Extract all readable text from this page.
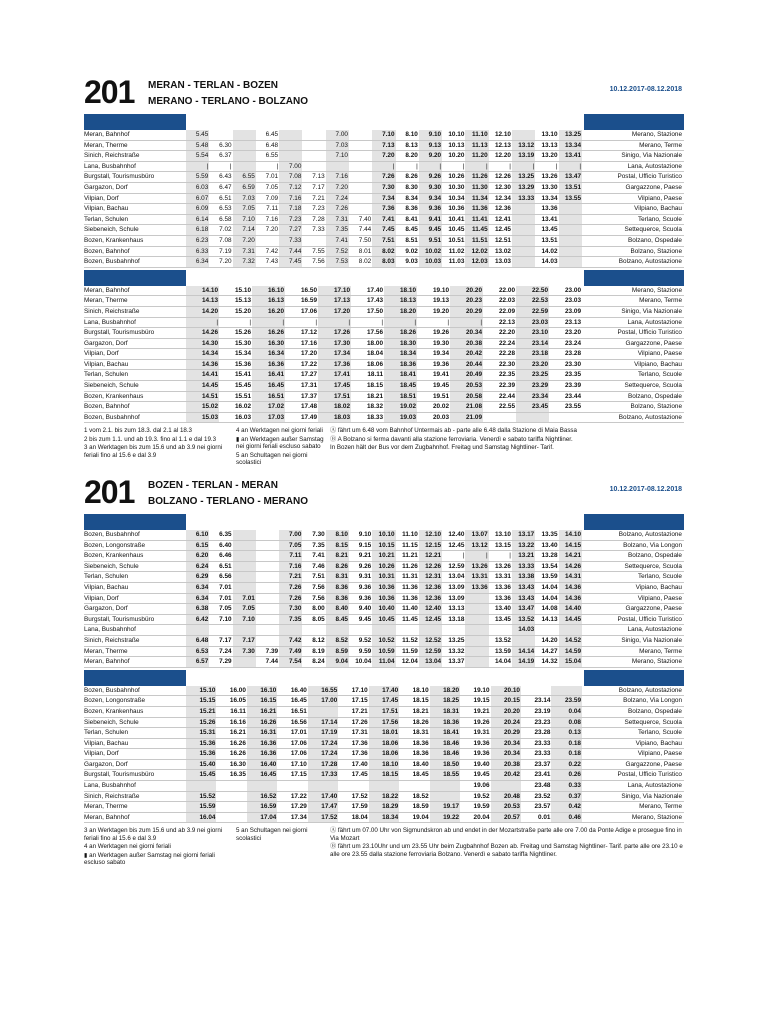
201 MERAN - TERLAN - BOZEN
MERANO - TERLANO - BOLZANO
10.12.2017-08.12.2018
Meran, Bahnhof	5.45			6.45			7.00		7.10	8.10	9.10	10.10	11.10	12.10		13.10	13.25	Merano, Stazione
Meran, Therme	5.48	6.30		6.48			7.03		7.13	8.13	9.13	10.13	11.13	12.13	13.12	13.13	13.34	Merano, Terme
Sinich, Reichstraße	5.54	6.37		6.55			7.10		7.20	8.20	9.20	10.20	11.20	12.20	13.19	13.20	13.41	Sinigo, Via Nazionale
Lana, Busbahnhof	|	|		|	7.00				|	|	|	|	|	|	|	|	|	Lana, Autostazione
Burgstall, Tourismusbüro	5.59	6.43	6.55	7.01	7.08	7.13	7.16		7.26	8.26	9.26	10.26	11.26	12.26	13.25	13.26	13.47	Postal, Ufficio Turistico
Gargazon, Dorf	6.03	6.47	6.59	7.05	7.12	7.17	7.20		7.30	8.30	9.30	10.30	11.30	12.30	13.29	13.30	13.51	Gargazzone, Paese
Vilpian, Dorf	6.07	6.51	7.03	7.09	7.16	7.21	7.24		7.34	8.34	9.34	10.34	11.34	12.34	13.33	13.34	13.55	Vilpiano, Paese
Vilpian, Bachau	6.09	6.53	7.05	7.11	7.18	7.23	7.26		7.36	8.36	9.36	10.36	11.36	12.36		13.36		Vilpiano, Bachau
Terlan, Schulen	6.14	6.58	7.10	7.16	7.23	7.28	7.31	7.40	7.41	8.41	9.41	10.41	11.41	12.41		13.41		Terlano, Scuole
Siebeneich, Schule	6.18	7.02	7.14	7.20	7.27	7.33	7.35	7.44	7.45	8.45	9.45	10.45	11.45	12.45		13.45		Settequerce, Scuola
Bozen, Krankenhaus	6.23	7.08	7.20		7.33		7.41	7.50	7.51	8.51	9.51	10.51	11.51	12.51		13.51		Bolzano, Ospedale
Bozen, Bahnhof	6.33	7.19	7.31	7.42	7.44	7.55	7.52	8.01	8.02	9.02	10.02	11.02	12.02	13.02		14.02		Bolzano, Stazione
Bozen, Busbahnhof	6.34	7.20	7.32	7.43	7.45	7.56	7.53	8.02	8.03	9.03	10.03	11.03	12.03	13.03		14.03		Bolzano, Autostazione
Meran, Bahnhof	14.10	15.10	16.10	16.50	17.10	17.40	18.10	19.10	20.20	22.00	22.50	23.00	Merano, Stazione
Meran, Therme	14.13	15.13	16.13	16.59	17.13	17.43	18.13	19.13	20.23	22.03	22.53	23.03	Merano, Terme
Sinich, Reichstraße	14.20	15.20	16.20	17.06	17.20	17.50	18.20	19.20	20.29	22.09	22.59	23.09	Sinigo, Via Nazionale
Lana, Busbahnhof	|	|	|	|	|	|	|	|	|	22.13	23.03	23.13	Lana, Autostazione
Burgstall, Tourismusbüro	14.26	15.26	16.26	17.12	17.26	17.56	18.26	19.26	20.34	22.20	23.10	23.20	Postal, Ufficio Turistico
Gargazon, Dorf	14.30	15.30	16.30	17.16	17.30	18.00	18.30	19.30	20.38	22.24	23.14	23.24	Gargazzone, Paese
Vilpian, Dorf	14.34	15.34	16.34	17.20	17.34	18.04	18.34	19.34	20.42	22.28	23.18	23.28	Vilpiano, Paese
Vilpian, Bachau	14.36	15.36	16.36	17.22	17.36	18.06	18.36	19.36	20.44	22.30	23.20	23.30	Vilpiano, Bachau
Terlan, Schulen	14.41	15.41	16.41	17.27	17.41	18.11	18.41	19.41	20.49	22.35	23.25	23.35	Terlano, Scuole
Siebeneich, Schule	14.45	15.45	16.45	17.31	17.45	18.15	18.45	19.45	20.53	22.39	23.29	23.39	Settequerce, Scuola
Bozen, Krankenhaus	14.51	15.51	16.51	17.37	17.51	18.21	18.51	19.51	20.58	22.44	23.34	23.44	Bolzano, Ospedale
Bozen, Bahnhof	15.02	16.02	17.02	17.48	18.02	18.32	19.02	20.02	21.08	22.55	23.45	23.55	Bolzano, Stazione
Bozen, Busbahnhof	15.03	16.03	17.03	17.49	18.03	18.33	19.03	20.03	21.09				Bolzano, Autostazione
1 vom 2.1. bis zum 18.3. dal 2.1 al 18.3
2 bis zum 1.1. und ab 19.3. fino al 1.1 e dal 19.3
3 an Werktagen bis zum 15.6 und ab 3.9 nei giorni feriali fino al 15.6 e dal 3.9
4 an Werktagen nei giorni feriali
▮ an Werktagen außer Samstag nei giorni feriali escluso sabato
5 an Schultagen nei giorni scolastici
Ⓐ fährt um 6.48 vom Bahnhof Untermais ab - parte alle 6.48 dalla Stazione di Maia Bassa
Ⓑ A Bolzano si ferma davanti alla stazione ferroviaria. Venerdì e sabato tariffa Nightliner.
In Bozen hält der Bus vor dem Zugbahnhof. Freitag und Samstag Nightliner- Tarif.
201 BOZEN - TERLAN - MERAN
BOLZANO - TERLANO - MERANO
10.12.2017-08.12.2018
Bozen, Busbahnhof	6.10	6.35			7.00	7.30	8.10	9.10	10.10	11.10	12.10	12.40	13.07	13.10	13.17	13.35	14.10	Bolzano, Autostazione
Bozen, Longonstraße	6.15	6.40			7.05	7.35	8.15	9.15	10.15	11.15	12.15	12.45	13.12	13.15	13.22	13.40	14.15	Bolzano, Via Longon
Bozen, Krankenhaus	6.20	6.46			7.11	7.41	8.21	9.21	10.21	11.21	12.21	|	|	|	13.21	13.28	14.21	Bolzano, Ospedale
Siebeneich, Schule	6.24	6.51			7.16	7.46	8.26	9.26	10.26	11.26	12.26	12.59	13.26	13.26	13.33	13.54	14.26	Settequerce, Scuola
Terlan, Schulen	6.29	6.56			7.21	7.51	8.31	9.31	10.31	11.31	12.31	13.04	13.31	13.31	13.38	13.59	14.31	Terlano, Scuole
Vilpian, Bachau	6.34	7.01			7.26	7.56	8.36	9.36	10.36	11.36	12.36	13.09	13.36	13.36	13.43	14.04	14.36	Vipiano, Bachau
Vilpian, Dorf	6.34	7.01	7.01		7.26	7.56	8.36	9.36	10.36	11.36	12.36	13.09		13.36	13.43	14.04	14.36	Vilpiano, Paese
Gargazon, Dorf	6.38	7.05	7.05		7.30	8.00	8.40	9.40	10.40	11.40	12.40	13.13		13.40	13.47	14.08	14.40	Gargazzone, Paese
Burgstall, Tourismusbüro	6.42	7.10	7.10		7.35	8.05	8.45	9.45	10.45	11.45	12.45	13.18		13.45	13.52	14.13	14.45	Postal, Ufficio Turistico
Lana, Busbahnhof															14.03			Lana, Autostazione
Sinich, Reichstraße	6.48	7.17	7.17		7.42	8.12	8.52	9.52	10.52	11.52	12.52	13.25		13.52		14.20	14.52	Sinigo, Via Nazionale
Meran, Therme	6.53	7.24	7.30	7.39	7.49	8.19	8.59	9.59	10.59	11.59	12.59	13.32		13.59	14.14	14.27	14.59	Merano, Terme
Meran, Bahnhof	6.57	7.29		7.44	7.54	8.24	9.04	10.04	11.04	12.04	13.04	13.37		14.04	14.19	14.32	15.04	Merano, Stazione
Bozen, Busbahnhof	15.10	16.00	16.10	16.40	16.55	17.10	17.40	18.10	18.20	19.10	20.10			Bolzano, Autostazione
Bozen, Longonstraße	15.15	16.05	16.15	16.45	17.00	17.15	17.45	18.15	18.25	19.15	20.15	23.14	23.59	Bolzano, Via Longon
Bozen, Krankenhaus	15.21	16.11	16.21	16.51		17.21	17.51	18.21	18.31	19.21	20.20	23.19	0.04	Bolzano, Ospedale
Siebeneich, Schule	15.26	16.16	16.26	16.56	17.14	17.26	17.56	18.26	18.36	19.26	20.24	23.23	0.08	Settequerce, Scuola
Terlan, Schulen	15.31	16.21	16.31	17.01	17.19	17.31	18.01	18.31	18.41	19.31	20.29	23.28	0.13	Terlano, Scuole
Vilpian, Bachau	15.36	16.26	16.36	17.06	17.24	17.36	18.06	18.36	18.46	19.36	20.34	23.33	0.18	Vipiano, Bachau
Vilpian, Dorf	15.36	16.26	16.36	17.06	17.24	17.36	18.06	18.36	18.46	19.36	20.34	23.33	0.18	Vilpiano, Paese
Gargazon, Dorf	15.40	16.30	16.40	17.10	17.28	17.40	18.10	18.40	18.50	19.40	20.38	23.37	0.22	Gargazzone, Paese
Burgstall, Tourismusbüro	15.45	16.35	16.45	17.15	17.33	17.45	18.15	18.45	18.55	19.45	20.42	23.41	0.26	Postal, Ufficio Turistico
Lana, Busbahnhof										19.06		23.48	0.33	Lana, Autostazione
Sinich, Reichstraße	15.52		16.52	17.22	17.40	17.52	18.22	18.52		19.52	20.48	23.52	0.37	Sinigo, Via Nazionale
Meran, Therme	15.59		16.59	17.29	17.47	17.59	18.29	18.59	19.17	19.59	20.53	23.57	0.42	Merano, Terme
Meran, Bahnhof	16.04		17.04	17.34	17.52	18.04	18.34	19.04	19.22	20.04	20.57	0.01	0.46	Merano, Stazione
3 an Werktagen bis zum 15.6 und ab 3.9 nei giorni feriali fino al 15.6 e dal 3.9
4 an Werktagen nei giorni feriali
▮ an Werktagen außer Samstag nei giorni feriali escluso sabato
5 an Schultagen nei giorni scolastici
Ⓐ fährt um 07.00 Uhr von Sigmundskron ab und endet in der Mozartstraße parte alle ore 7.00 da Ponte Adige e prosegue fino in Via Mozart
Ⓑ fährt um 23.10Uhr und um 23.55 Uhr beim Zugbahnhof Bozen ab. Freitag und Samstag Nightliner- Tarif. parte alle ore 23.10 e alle ore 23.55 dalla stazione ferroviaria Bolzano. Venerdì e sabato tariffa Nightliner.
